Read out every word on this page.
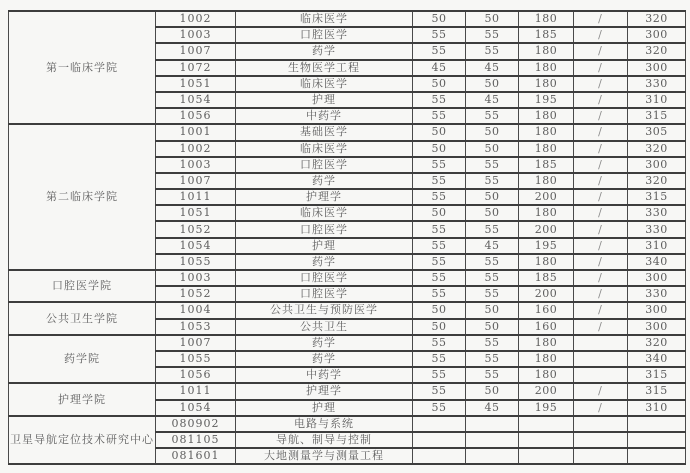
第一临床学院	1002	临床医学	50	50	180	/	320
	1003	口腔医学	55	55	185	/	300
	1007	药学	55	55	180	/	320
	1072	生物医学工程	45	45	180	/	300
	1051	临床医学	50	50	180	/	330
	1054	护理	55	45	195	/	310
	1056	中药学	55	55	180	/	315
第二临床学院	1001	基础医学	50	50	180	/	305
	1002	临床医学	50	50	180	/	320
	1003	口腔医学	55	55	185	/	300
	1007	药学	55	55	180	/	320
	1011	护理学	55	50	200	/	315
	1051	临床医学	50	50	180	/	330
	1052	口腔医学	55	55	200	/	330
	1054	护理	55	45	195	/	310
	1055	药学	55	55	180	/	340
口腔医学院	1003	口腔医学	55	55	185	/	300
	1052	口腔医学	55	55	200	/	330
公共卫生学院	1004	公共卫生与预防医学	50	50	160	/	300
	1053	公共卫生	50	50	160	/	300
药学院	1007	药学	55	55	180		320
	1055	药学	55	55	180		340
	1056	中药学	55	55	180		315
护理学院	1011	护理学	55	50	200	/	315
	1054	护理	55	45	195	/	310
卫星导航定位技术研究中心	080902	电路与系统					
	081105	导航、制导与控制					
	081601	大地测量学与测量工程					
